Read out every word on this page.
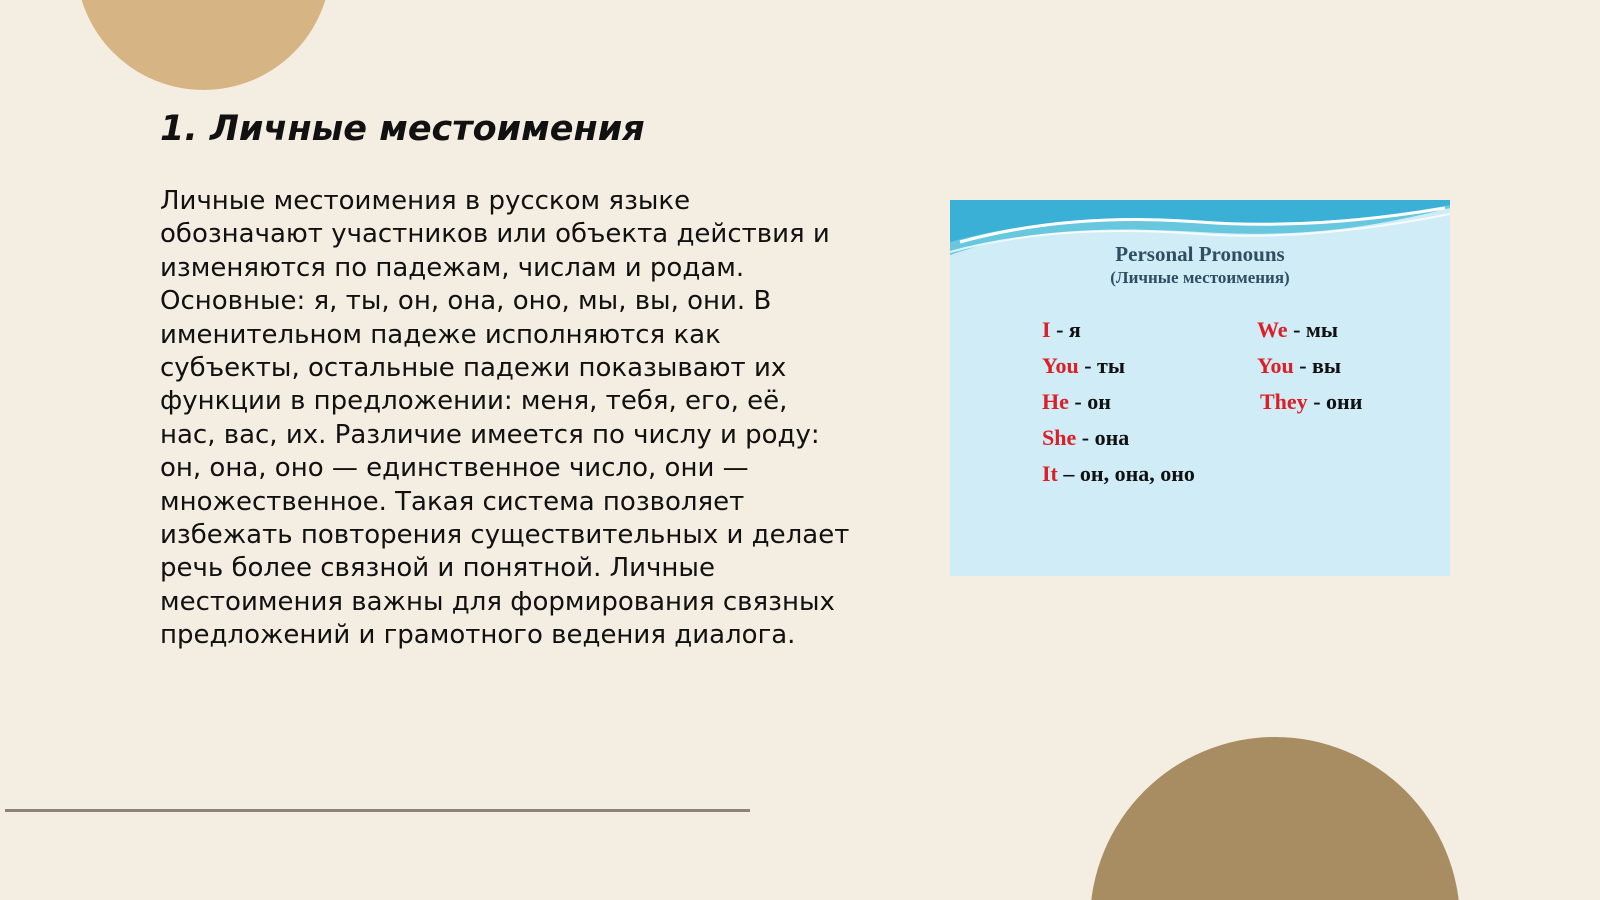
1. Личные местоимения

Личные местоимения в русском языке обозначают участников или объекта действия и изменяются по падежам, числам и родам. Основные: я, ты, он, она, оно, мы, вы, они. В именительном падеже исполняются как субъекты, остальные падежи показывают их функции в предложении: меня, тебя, его, её, нас, вас, их. Различие имеется по числу и роду: он, она, оно — единственное число, они — множественное. Такая система позволяет избежать повторения существительных и делает речь более связной и понятной. Личные местоимения важны для формирования связных предложений и грамотного ведения диалога.

Personal Pronouns
(Личные местоимения)
I - я
You - ты
He - он
She - она
It – он, она, оно
We - мы
You - вы
They - они
